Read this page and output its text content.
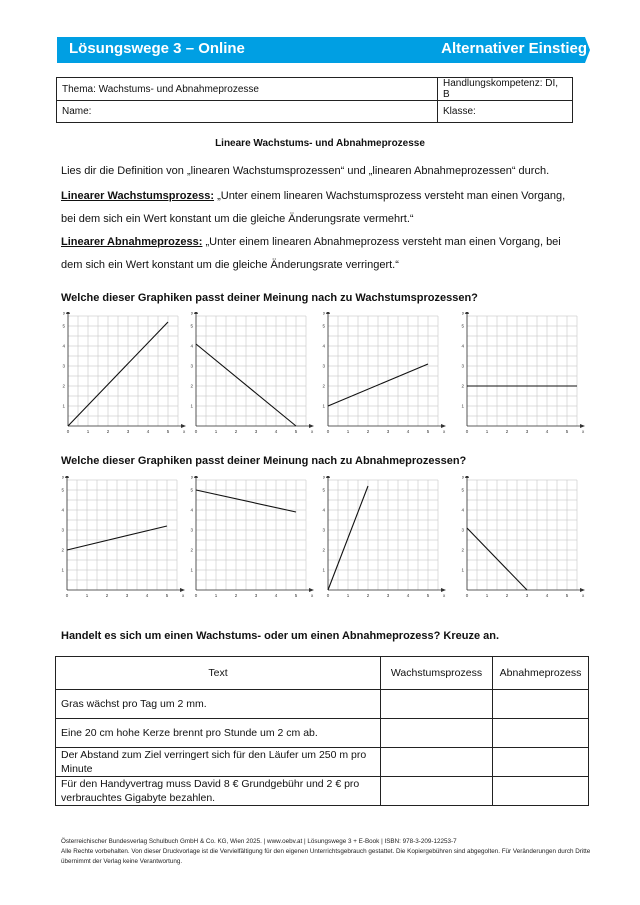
Lösungswege 3 – Online	Alternativer Einstieg
Thema: Wachstums- und Abnahmeprozesse	Handlungskompetenz: DI, B
Name:	Klasse:
Lineare Wachstums- und Abnahmeprozesse
Lies dir die Definition von „linearen Wachstumsprozessen“ und „linearen Abnahmeprozessen“ durch.
Linearer Wachstumsprozess: „Unter einem linearen Wachstumsprozess versteht man einen Vorgang, bei dem sich ein Wert konstant um die gleiche Änderungsrate vermehrt.“
Linearer Abnahmeprozess: „Unter einem linearen Abnahmeprozess versteht man einen Vorgang, bei dem sich ein Wert konstant um die gleiche Änderungsrate verringert.“
Welche dieser Graphiken passt deiner Meinung nach zu Wachstumsprozessen?
0	1
1
2
2
3
3
4
4
5
5
x
y
0	1
1
2
2
3
3
4
4
5
5
x
y
0	1
1
2
2
3
3
4
4
5
5
x
y
0	1
1
2
2
3
3
4
4
5
5
x
y
Welche dieser Graphiken passt deiner Meinung nach zu Abnahmeprozessen?
0	1
1
2
2
3
3
4
4
5
5
x
y
0	1
1
2
2
3
3
4
4
5
5
x
y
0	1
1
2
2
3
3
4
4
5
5
x
y
0	1
1
2
2
3
3
4
4
5
5
x
y
Handelt es sich um einen Wachstums- oder um einen Abnahmeprozess? Kreuze an.
Text	Wachstumsprozess	Abnahmeprozess
Gras wächst pro Tag um 2 mm.		
Eine 20 cm hohe Kerze brennt pro Stunde um 2 cm ab.		
Der Abstand zum Ziel verringert sich für den Läufer um 250 m pro Minute		
Für den Handyvertrag muss David 8 € Grundgebühr und 2 € pro verbrauchtes Gigabyte bezahlen.		
Österreichischer Bundesverlag Schulbuch GmbH & Co. KG, Wien 2025. | www.oebv.at | Lösungswege 3 + E-Book | ISBN: 978-3-209-12253-7
Alle Rechte vorbehalten. Von dieser Druckvorlage ist die Vervielfältigung für den eigenen Unterrichtsgebrauch gestattet. Die Kopiergebühren sind abgegolten. Für Veränderungen durch Dritte übernimmt der Verlag keine Verantwortung.
